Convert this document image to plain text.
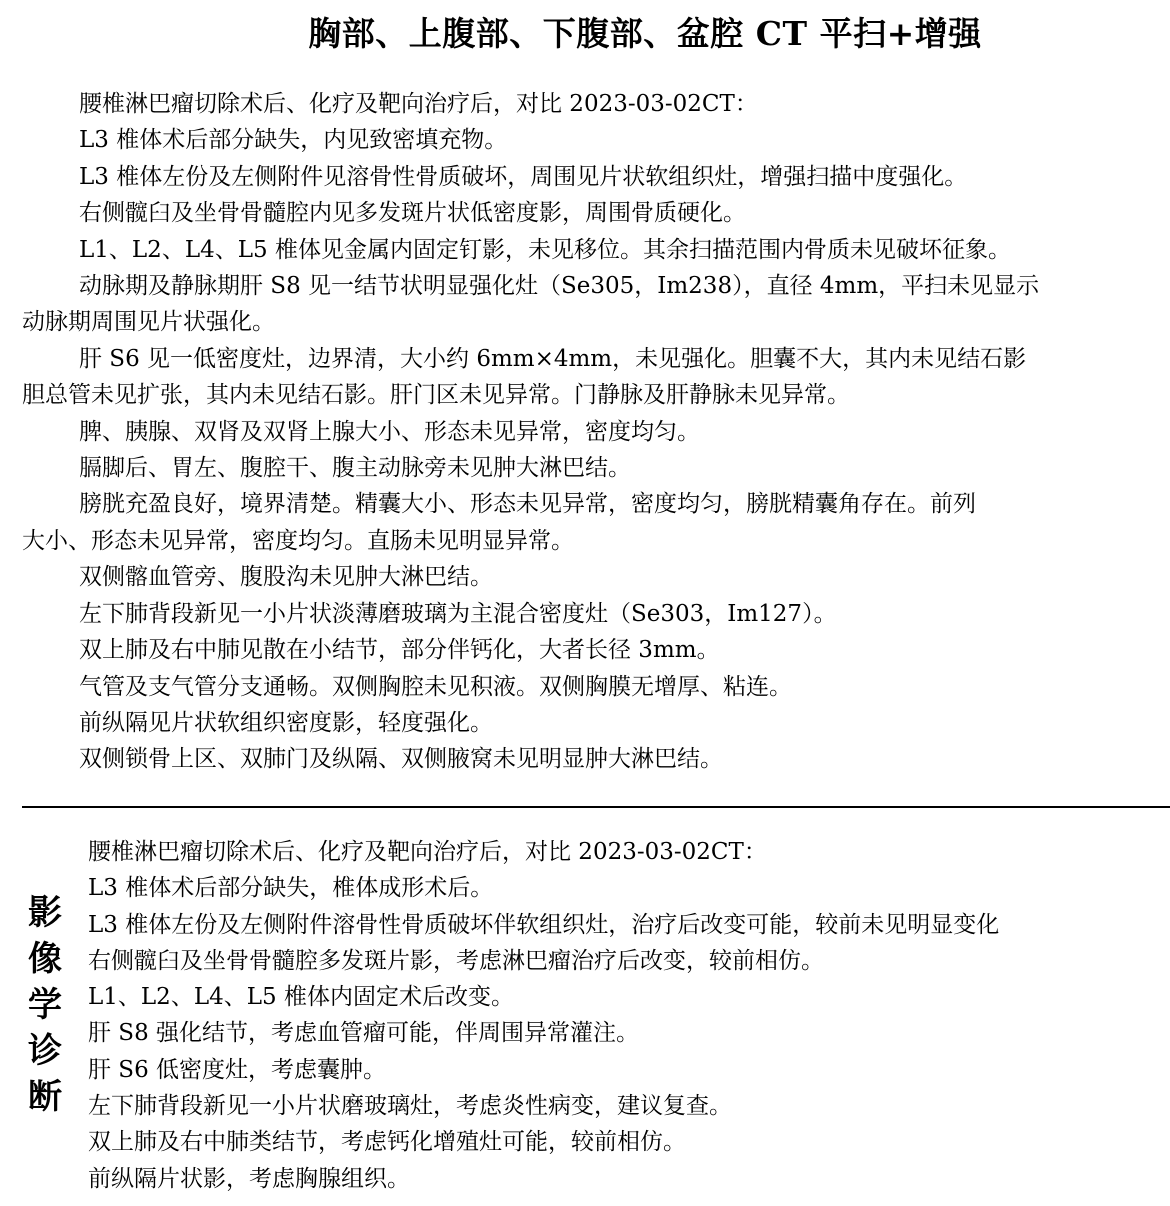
胸部、上腹部、下腹部、盆腔 CT 平扫+增强
腰椎淋巴瘤切除术后、化疗及靶向治疗后，对比 2023-03-02CT：
L3 椎体术后部分缺失，内见致密填充物。
L3 椎体左份及左侧附件见溶骨性骨质破坏，周围见片状软组织灶，增强扫描中度强化。
右侧髋臼及坐骨骨髓腔内见多发斑片状低密度影，周围骨质硬化。
L1、L2、L4、L5 椎体见金属内固定钉影，未见移位。其余扫描范围内骨质未见破坏征象。
动脉期及静脉期肝 S8 见一结节状明显强化灶（Se305，Im238），直径 4mm，平扫未见显示
动脉期周围见片状强化。
肝 S6 见一低密度灶，边界清，大小约 6mm×4mm，未见强化。胆囊不大，其内未见结石影
胆总管未见扩张，其内未见结石影。肝门区未见异常。门静脉及肝静脉未见异常。
脾、胰腺、双肾及双肾上腺大小、形态未见异常，密度均匀。
膈脚后、胃左、腹腔干、腹主动脉旁未见肿大淋巴结。
膀胱充盈良好，境界清楚。精囊大小、形态未见异常，密度均匀，膀胱精囊角存在。前列
大小、形态未见异常，密度均匀。直肠未见明显异常。
双侧髂血管旁、腹股沟未见肿大淋巴结。
左下肺背段新见一小片状淡薄磨玻璃为主混合密度灶（Se303，Im127）。
双上肺及右中肺见散在小结节，部分伴钙化，大者长径 3mm。
气管及支气管分支通畅。双侧胸腔未见积液。双侧胸膜无增厚、粘连。
前纵隔见片状软组织密度影，轻度强化。
双侧锁骨上区、双肺门及纵隔、双侧腋窝未见明显肿大淋巴结。
影
像
学
诊
断
腰椎淋巴瘤切除术后、化疗及靶向治疗后，对比 2023-03-02CT：
L3 椎体术后部分缺失，椎体成形术后。
L3 椎体左份及左侧附件溶骨性骨质破坏伴软组织灶，治疗后改变可能，较前未见明显变化
右侧髋臼及坐骨骨髓腔多发斑片影，考虑淋巴瘤治疗后改变，较前相仿。
L1、L2、L4、L5 椎体内固定术后改变。
肝 S8 强化结节，考虑血管瘤可能，伴周围异常灌注。
肝 S6 低密度灶，考虑囊肿。
左下肺背段新见一小片状磨玻璃灶，考虑炎性病变，建议复查。
双上肺及右中肺类结节，考虑钙化增殖灶可能，较前相仿。
前纵隔片状影，考虑胸腺组织。
